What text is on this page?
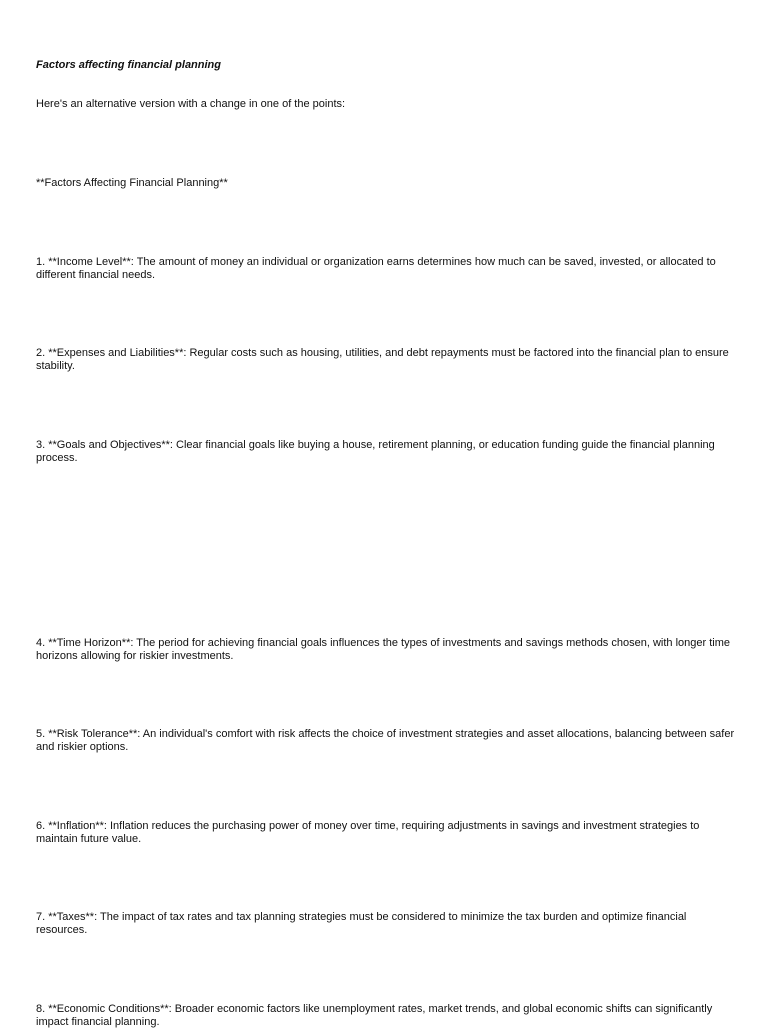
Factors affecting financial planning

Here's an alternative version with a change in one of the points:

**Factors Affecting Financial Planning**

1. **Income Level**: The amount of money an individual or organization earns determines how much can be saved, invested, or allocated to different financial needs.

2. **Expenses and Liabilities**: Regular costs such as housing, utilities, and debt repayments must be factored into the financial plan to ensure stability.

3. **Goals and Objectives**: Clear financial goals like buying a house, retirement planning, or education funding guide the financial planning process.

4. **Time Horizon**: The period for achieving financial goals influences the types of investments and savings methods chosen, with longer time horizons allowing for riskier investments.

5. **Risk Tolerance**: An individual's comfort with risk affects the choice of investment strategies and asset allocations, balancing between safer and riskier options.

6. **Inflation**: Inflation reduces the purchasing power of money over time, requiring adjustments in savings and investment strategies to maintain future value.

7. **Taxes**: The impact of tax rates and tax planning strategies must be considered to minimize the tax burden and optimize financial resources.

8. **Economic Conditions**: Broader economic factors like unemployment rates, market trends, and global economic shifts can significantly impact financial planning.
